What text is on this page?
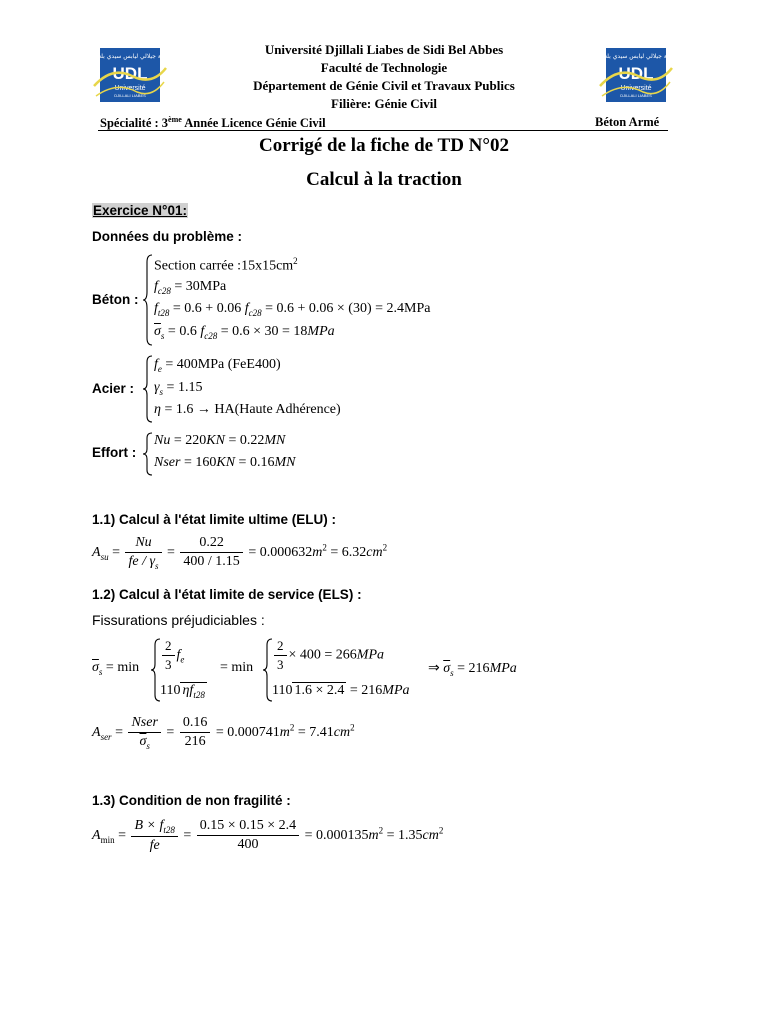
جامعة جيلالي ليابس سيدي بلعباس
UDL
Université
DJILLALI LIABES
جامعة جيلالي ليابس سيدي بلعباس
UDL
Université
DJILLALI LIABES
Université Djillali Liabes de Sidi Bel Abbes
Faculté de Technologie
Département de Génie Civil et Travaux Publics
Filière: Génie Civil
Spécialité : 3ème Année Licence Génie Civil	Béton Armé
Corrigé de la fiche de TD N°02
Calcul à la traction
Exercice N°01:
Données du problème :
Béton :
Section carrée $:15x15cm^2$
$f_{c28} = 30MPa$
$f_{t28} = 0.6 + 0.06$ $f_{c28} = 0.6 + 0.06 \times (30) = 2.4MPa$
$\overline{\sigma}_s = 0.6$ $f_{c28} = 0.6 \times 30 = 18MPa$
Acier :
$f_e = 400MPa$ (FeE400)
$\gamma_s = 1.15$
η = 1.6 → HA(Haute Adhérence)
Effort :
Nu = 220KN = 0.22MN
Nser = 160KN = 0.16MN
1.1) Calcul à l'état limite ultime (ELU) :
$A_{su} = \frac{Nu}{fe / \gamma_s} = \frac{0.22}{400 / 1.15} = 0.000632m^2 = 6.32cm^2$
1.2) Calcul à l'état limite de service (ELS) :
Fissurations préjudiciables :
$\overline{\sigma}_s = \min \frac{2}{3} f_e$
110 $\eta f_{t28}$
= $\min \frac{2}{3} \times 400 = 266MPa$
110 1.6 × 2.4 = 216MPa
⇒ $\overline{\sigma}_s = 216MPa$
$A_{ser} = \frac{\text{Nser}}{\overline{\sigma}_s} = \frac{0.16}{216} = 0.000741m^2 = 7.41cm^2$
1.3) Condition de non fragilité :
$A_{min} = \frac{B \times f_{t28}}{fe} = \frac{0.15 \times 0.15 \times 2.4}{400} = 0.000135m^2 = 1.35cm^2$
